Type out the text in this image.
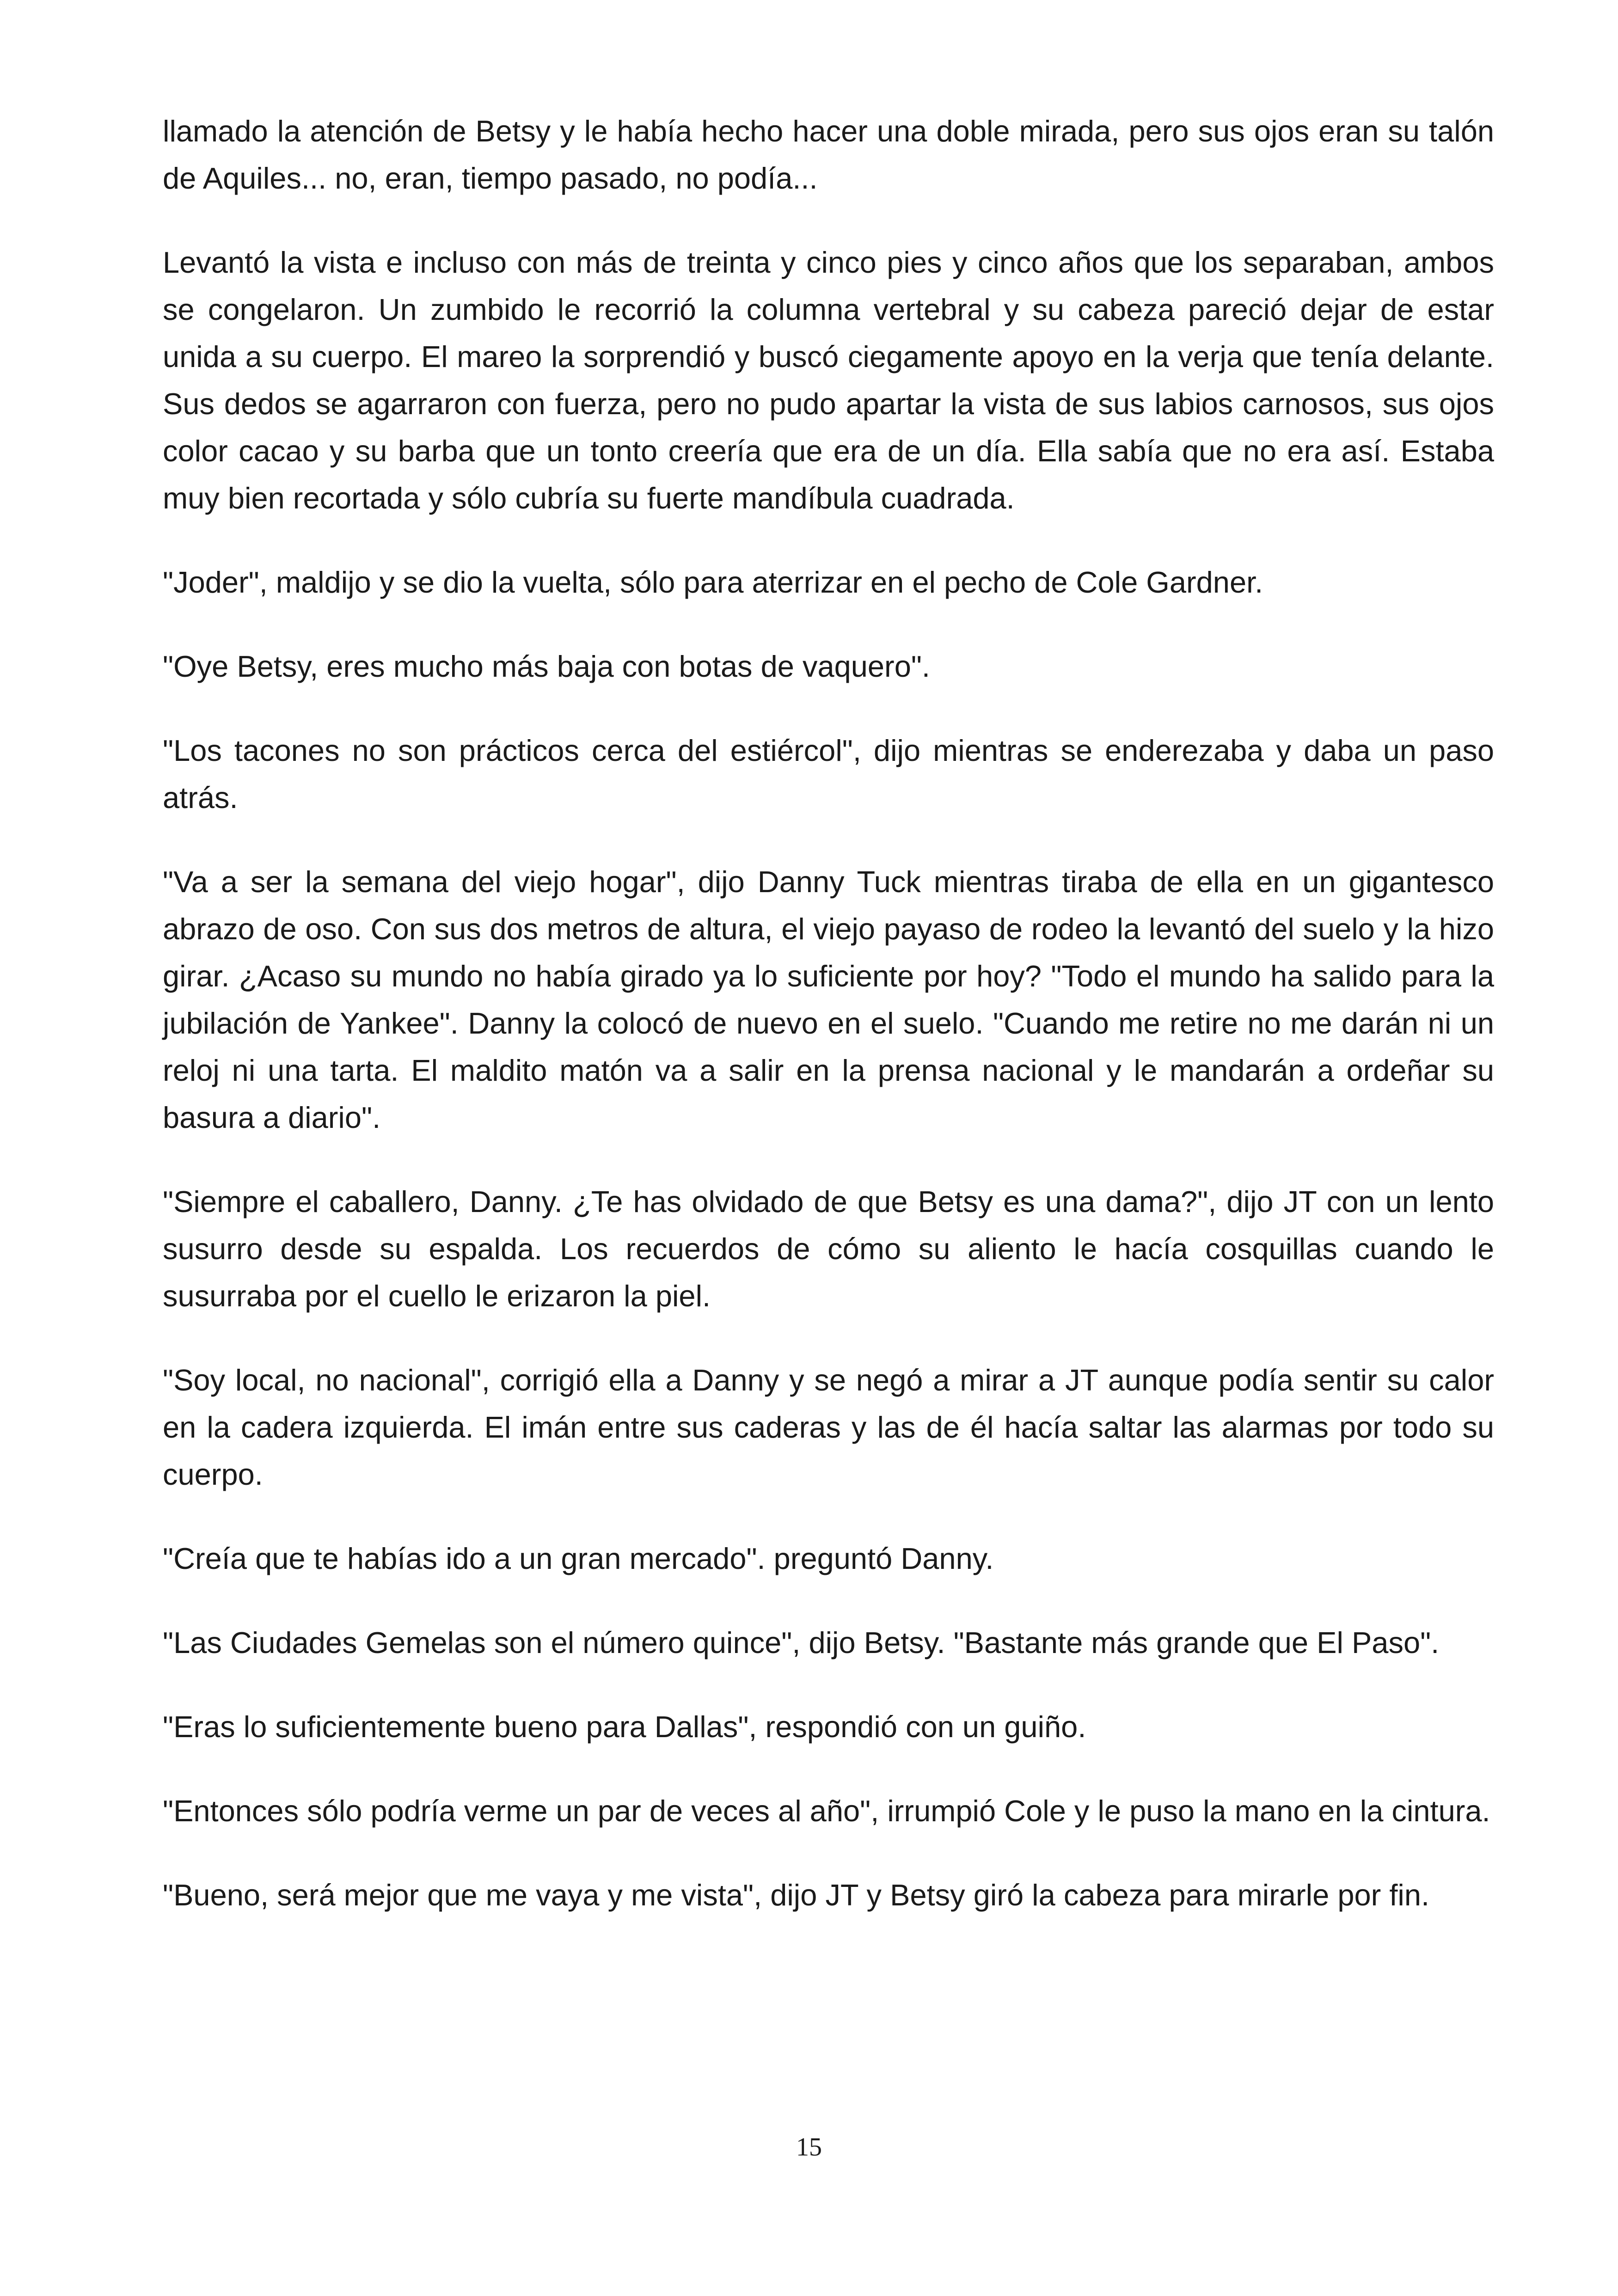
llamado la atención de Betsy y le había hecho hacer una doble mirada, pero sus ojos eran su talón de Aquiles... no, eran, tiempo pasado, no podía...

Levantó la vista e incluso con más de treinta y cinco pies y cinco años que los separaban, ambos se congelaron. Un zumbido le recorrió la columna vertebral y su cabeza pareció dejar de estar unida a su cuerpo. El mareo la sorprendió y buscó ciegamente apoyo en la verja que tenía delante. Sus dedos se agarraron con fuerza, pero no pudo apartar la vista de sus labios carnosos, sus ojos color cacao y su barba que un tonto creería que era de un día. Ella sabía que no era así. Estaba muy bien recortada y sólo cubría su fuerte mandíbula cuadrada.

"Joder", maldijo y se dio la vuelta, sólo para aterrizar en el pecho de Cole Gardner.

"Oye Betsy, eres mucho más baja con botas de vaquero".

"Los tacones no son prácticos cerca del estiércol", dijo mientras se enderezaba y daba un paso atrás.

"Va a ser la semana del viejo hogar", dijo Danny Tuck mientras tiraba de ella en un gigantesco abrazo de oso. Con sus dos metros de altura, el viejo payaso de rodeo la levantó del suelo y la hizo girar. ¿Acaso su mundo no había girado ya lo suficiente por hoy? "Todo el mundo ha salido para la jubilación de Yankee". Danny la colocó de nuevo en el suelo. "Cuando me retire no me darán ni un reloj ni una tarta. El maldito matón va a salir en la prensa nacional y le mandarán a ordeñar su basura a diario".

"Siempre el caballero, Danny. ¿Te has olvidado de que Betsy es una dama?", dijo JT con un lento susurro desde su espalda. Los recuerdos de cómo su aliento le hacía cosquillas cuando le susurraba por el cuello le erizaron la piel.

"Soy local, no nacional", corrigió ella a Danny y se negó a mirar a JT aunque podía sentir su calor en la cadera izquierda. El imán entre sus caderas y las de él hacía saltar las alarmas por todo su cuerpo.

"Creía que te habías ido a un gran mercado". preguntó Danny.

"Las Ciudades Gemelas son el número quince", dijo Betsy. "Bastante más grande que El Paso".

"Eras lo suficientemente bueno para Dallas", respondió con un guiño.

"Entonces sólo podría verme un par de veces al año", irrumpió Cole y le puso la mano en la cintura.

"Bueno, será mejor que me vaya y me vista", dijo JT y Betsy giró la cabeza para mirarle por fin.

15
